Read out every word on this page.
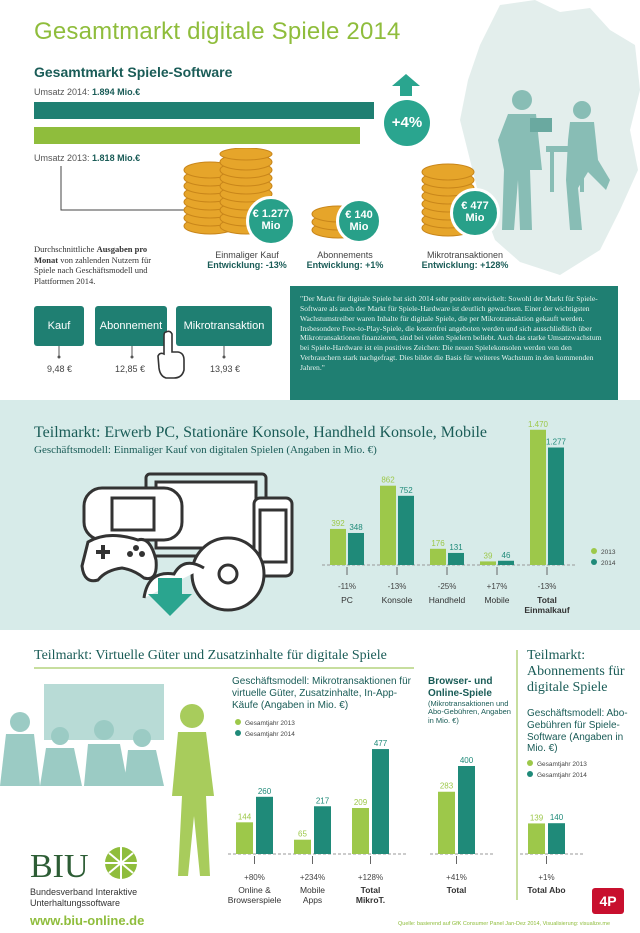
Gesamtmarkt digitale Spiele 2014
Gesamtmarkt Spiele-Software
Umsatz 2014: 1.894 Mio.€
Umsatz 2013: 1.818 Mio.€
+4%
€ 1.277 Mio
Einmaliger Kauf
Entwicklung: -13%
€ 140 Mio
Abonnements
Entwicklung: +1%
€ 477 Mio
Mikrotransaktionen
Entwicklung: +128%
Durchschnittliche Ausgaben pro Monat von zahlenden Nutzern für Spiele nach Geschäftsmodell und Plattformen 2014.
Kauf	Abonnement	Mikrotransaktion
9,48 €	12,85 €	13,93 €
"Der Markt für digitale Spiele hat sich 2014 sehr positiv entwickelt: Sowohl der Markt für Spiele-Software als auch der Markt für Spiele-Hardware ist deutlich gewachsen. Einer der wichtigsten Wachstumstreiber waren Inhalte für digitale Spiele, die per Mikrotransaktion gekauft werden. Insbesondere Free-to-Play-Spiele, die kostenfrei angeboten werden und sich ausschließlich über Mikrotransaktionen finanzieren, sind bei vielen Spielern beliebt. Auch das starke Umsatzwachstum bei Spiele-Hardware ist ein positives Zeichen: Die neuen Spielekonsolen werden von den Verbrauchern stark nachgefragt. Dies bildet die Basis für weiteres Wachstum in den kommenden Jahren."
Teilmarkt: Erwerb PC, Stationäre Konsole, Handheld Konsole, Mobile
Geschäftsmodell: Einmaliger Kauf von digitalen Spielen (Angaben in Mio. €)
392 348
-11%
PC
862
752
-13%
Konsole
176 131
-25%
Handheld
39 46
+17%
Mobile
1.470
1.277
-13%
Total
Einmalkauf
2013
2014
Teilmarkt: Virtuelle Güter und Zusatzinhalte für digitale Spiele
Geschäftsmodell: Mikrotransaktionen für virtuelle Güter, Zusatzinhalte, In-App-Käufe (Angaben in Mio. €)
144
260
+80%
Online &
Browserspiele
65
217
+234%
Mobile
Apps
209
477
+128%
Total
MikroT.
Gesamtjahr 2013
Gesamtjahr 2014
Browser- und Online-Spiele
(Mikrotransaktionen und Abo-Gebühren, Angaben in Mio. €)
283
400
+41%
Total
Teilmarkt: Abonnements für digitale Spiele
Geschäftsmodell: Abo-Gebühren für Spiele-Software (Angaben in Mio. €)
139 140
+1%
Total Abo
Gesamtjahr 2013
Gesamtjahr 2014
BIU
Bundesverband Interaktive
Unterhaltungssoftware
www.biu-online.de	Quelle: basierend auf GfK Consumer Panel Jan-Dez 2014, Visualisierung: visualize.me
4P
